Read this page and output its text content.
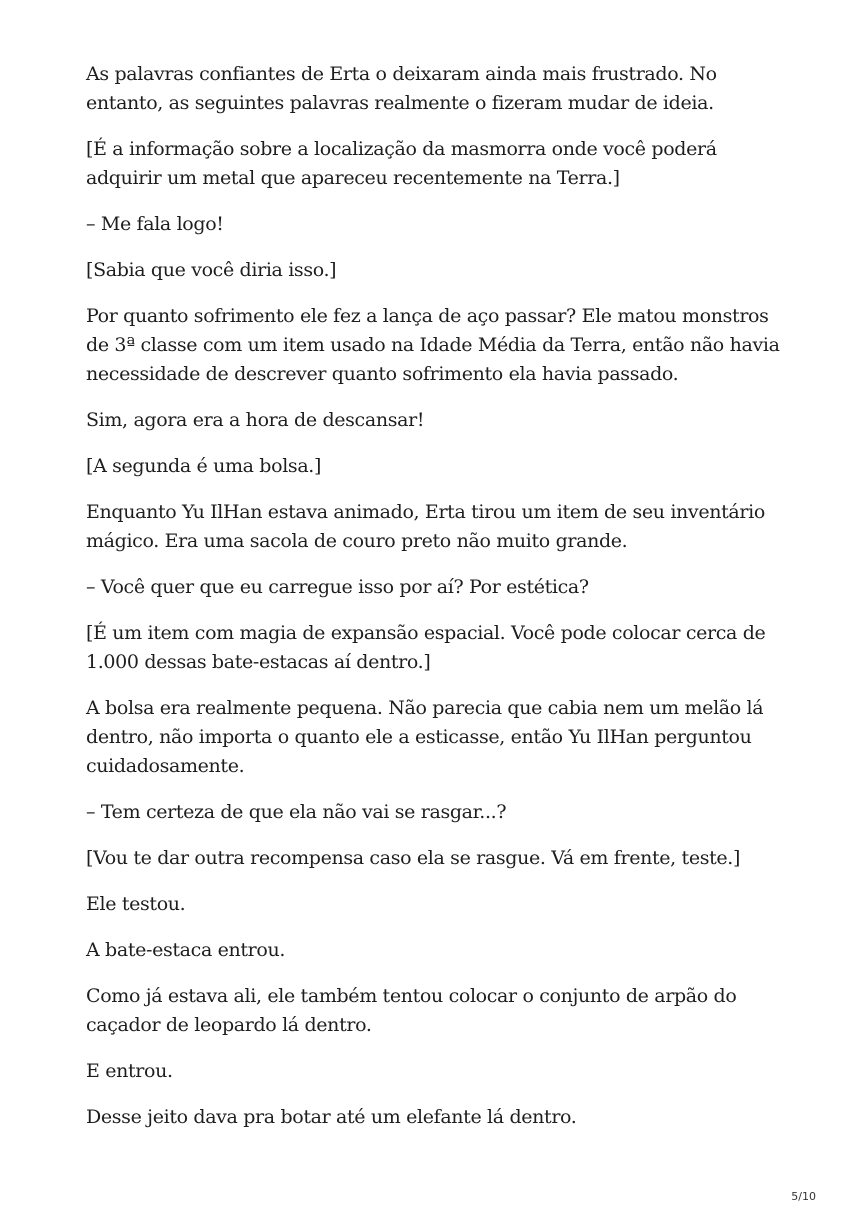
As palavras confiantes de Erta o deixaram ainda mais frustrado. No entanto, as seguintes palavras realmente o fizeram mudar de ideia.

[É a informação sobre a localização da masmorra onde você poderá adquirir um metal que apareceu recentemente na Terra.]

– Me fala logo!

[Sabia que você diria isso.]

Por quanto sofrimento ele fez a lança de aço passar? Ele matou monstros de 3ª classe com um item usado na Idade Média da Terra, então não havia necessidade de descrever quanto sofrimento ela havia passado.

Sim, agora era a hora de descansar!

[A segunda é uma bolsa.]

Enquanto Yu IlHan estava animado, Erta tirou um item de seu inventário mágico. Era uma sacola de couro preto não muito grande.

– Você quer que eu carregue isso por aí? Por estética?

[É um item com magia de expansão espacial. Você pode colocar cerca de 1.000 dessas bate-estacas aí dentro.]

A bolsa era realmente pequena. Não parecia que cabia nem um melão lá dentro, não importa o quanto ele a esticasse, então Yu IlHan perguntou cuidadosamente.

– Tem certeza de que ela não vai se rasgar...?

[Vou te dar outra recompensa caso ela se rasgue. Vá em frente, teste.]

Ele testou.

A bate-estaca entrou.

Como já estava ali, ele também tentou colocar o conjunto de arpão do caçador de leopardo lá dentro.

E entrou.

Desse jeito dava pra botar até um elefante lá dentro.

5/10
